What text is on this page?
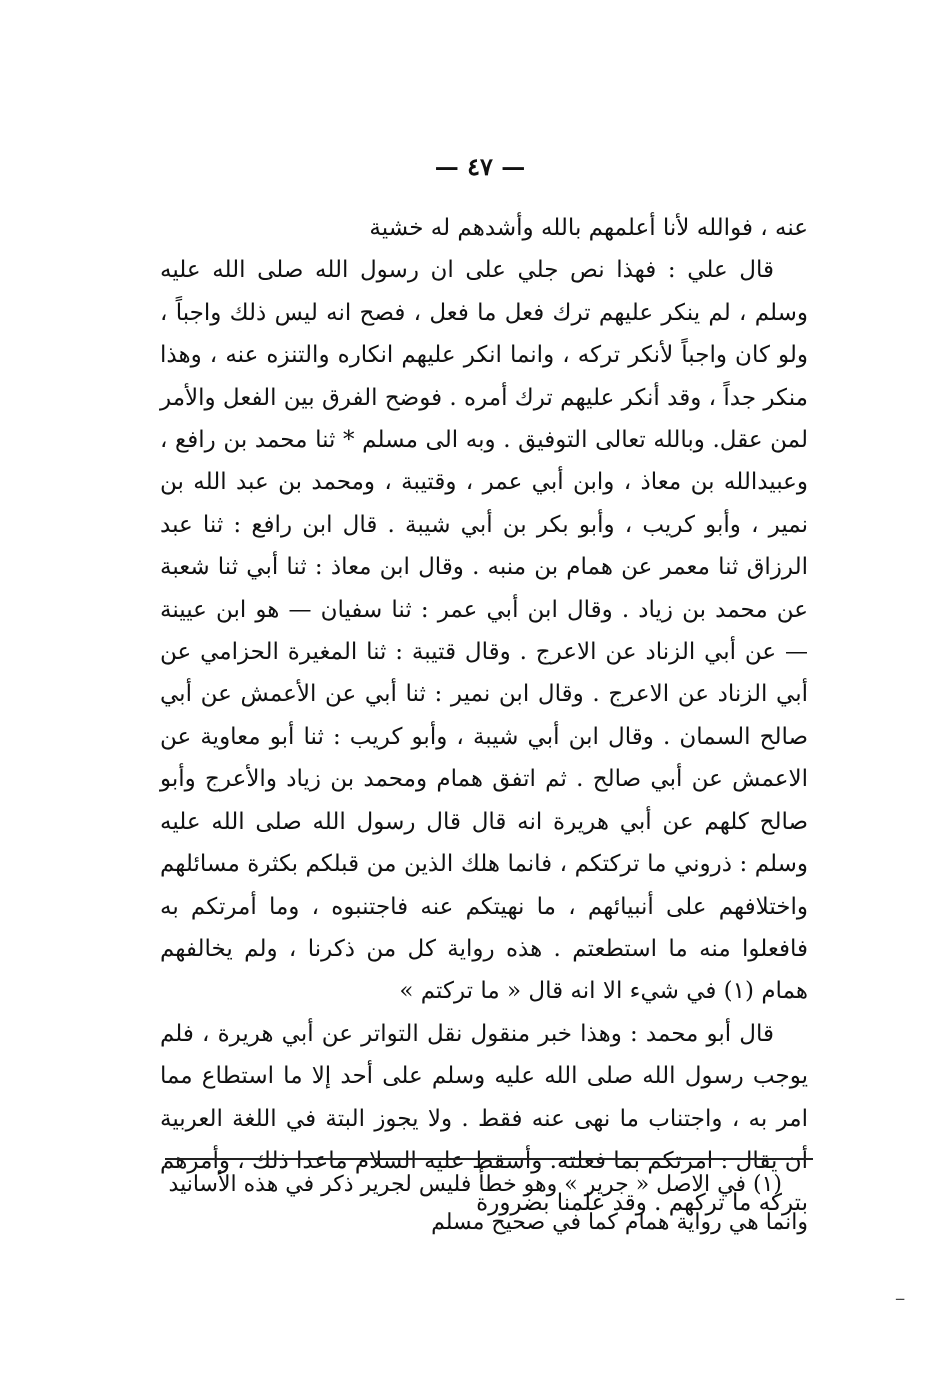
— ٤٧ —

عنه ، فوالله لأنا أعلمهم بالله وأشدهم له خشية

قال علي : فهذا نص جلي على ان رسول الله صلى الله عليه وسلم ، لم ينكر عليهم ترك فعل ما فعل ، فصح انه ليس ذلك واجباً ، ولو كان واجباً لأنكر تركه ، وانما انكر عليهم انكاره والتنزه عنه ، وهذا منكر جداً ، وقد أنكر عليهم ترك أمره . فوضح الفرق بين الفعل والأمر لمن عقل. وبالله تعالى التوفيق . وبه الى مسلم * ثنا محمد بن رافع ، وعبيدالله بن معاذ ، وابن أبي عمر ، وقتيبة ، ومحمد بن عبد الله بن نمير ، وأبو كريب ، وأبو بكر بن أبي شيبة . قال ابن رافع : ثنا عبد الرزاق ثنا معمر عن همام بن منبه . وقال ابن معاذ : ثنا أبي ثنا شعبة عن محمد بن زياد . وقال ابن أبي عمر : ثنا سفيان — هو ابن عيينة — عن أبي الزناد عن الاعرج . وقال قتيبة : ثنا المغيرة الحزامي عن أبي الزناد عن الاعرج . وقال ابن نمير : ثنا أبي عن الأعمش عن أبي صالح السمان . وقال ابن أبي شيبة ، وأبو كريب : ثنا أبو معاوية عن الاعمش عن أبي صالح . ثم اتفق همام ومحمد بن زياد والأعرج وأبو صالح كلهم عن أبي هريرة انه قال قال رسول الله صلى الله عليه وسلم : ذروني ما تركتكم ، فانما هلك الذين من قبلكم بكثرة مسائلهم واختلافهم على أنبيائهم ، ما نهيتكم عنه فاجتنبوه ، وما أمرتكم به فافعلوا منه ما استطعتم . هذه رواية كل من ذكرنا ، ولم يخالفهم همام (١) في شيء الا انه قال « ما تركتم »

قال أبو محمد : وهذا خبر منقول نقل التواتر عن أبي هريرة ، فلم يوجب رسول الله صلى الله عليه وسلم على أحد إلا ما استطاع مما امر به ، واجتناب ما نهى عنه فقط . ولا يجوز البتة في اللغة العربية أن يقال : امرتكم بما فعلته. وأسقط عليه السلام ماعدا ذلك ، وأمرهم بتركه ما تركهم . وقد علمنا بضرورة

(١) في الاصل « جرير » وهو خطأ فليس لجرير ذكر في هذه الأسانيد
وانما هي رواية همام كما في صحيح مسلم
ــ
